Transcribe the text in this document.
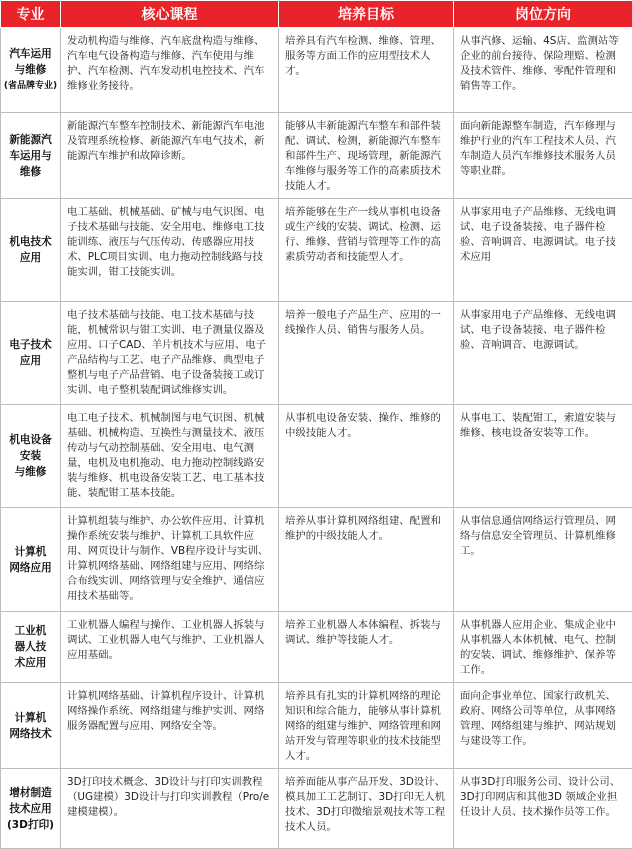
专业	核心课程	培养目标	岗位方向

汽车运用
与维修
(省品牌专业)	发动机构造与维修、汽车底盘构造与维修、汽车电气设备构造与维修、汽车使用与维护、汽车检测、汽车发动机电控技术、汽车维修业务接待。	培养具有汽车检测、维修、管理、服务等方面工作的应用型技术人才。	从事汽修、运输、4S店、监测站等企业的前台接待、保险理赔、检测及技术管件、维修、零配件管理和销售等工作。

新能源汽
车运用与
维修	新能源汽车整车控制技术、新能源汽车电池及管理系统检修、新能源汽车电气技术，新能源汽车维护和故障诊断。	能够从丰新能源汽车整车和部件装配、调试、检测，新能源汽车整车和部件生产、现场管理，新能源汽车维修与服务等工作的高素质技术技能人才。	面向新能源整车制造，汽车修理与维护行业的汽车工程技术人员、汽车制造人员汽车维修技术服务人员等职业群。

机电技术
应用	电工基础、机械基础、矿械与电气识图、电子技术基础与技能、安全用电、维修电工技能训练、液压与气压传动、传感器应用技术、PLC项目实训、电力拖动控制线路与技能实训，钳工技能实训。	培养能够在生产一线从事机电设备或生产线的安装、调试、检测、运行、维修、营销与管理等工作的高素质劳动者和技能型人才。	从事家用电子产品维修、无线电调试、电子设备装接、电子器件检验、音响调音、电源调试。电子技术应用

电子技术
应用	电子技术基础与技能、电工技术基础与技能，机械常识与钳工实训、电子测量仪器及应用、口子CAD、羊片机技术与应用、电子产品结构与工艺、电子产品维修、典型电子整机与电子产品营销、电子设备装接工或订实训、电子整机装配调试维修实训。	培养一般电子产品生产、应用的一线操作人员、销售与服务人员。	从事家用电子产品维修、无线电调试、电子设备装接、电子器件检验、音响调音、电源调试。

机电设备
安装
与维修	电工电子技术、机械制图与电气识图、机械基础、机械构造、互换性与测量技术、液压传动与气动控制基础、安全用电、电气测量，电机及电机拖动、电力拖动控制线路安装与维修、机电设备安装工艺、电工基本技能、装配钳工基本技能。	从事机电设备安装、操作、维修的中级技能人才。	从事电工、装配钳工，索道安装与维修、核电设备安装等工作。

计算机
网络应用	计算机组装与维护、办公软件应用、计算机操作系统安装与维护、计算机工具软件应用、网页设计与制作、VB程序设计与实训、计算机网络基础、网络组建与应用、网络综合布线实训、网络管理与安全维护、通信应用技术基础等。	培养从事计算机网络组建、配置和维护的中级技能人才。	从事信息通信网络运行管理员、网络与信息安全管理员、计算机维修工。

工业机
器人技
术应用	工业机器人编程与操作、工业机器人拆装与调试、工业机器人电气与维护、工业机器人应用基础。	培养工业机器人本体编程、拆装与调试、维护等技能人才。	从事机器人应用企业、集成企业中从事机器人本体机械、电气、控制的安装、调试、维修维护、保养等工作。

计算机
网络技术	计算机网络基础、计算机程序设计、计算机网络操作系统、网络组建与维护实训、网络服务器配置与应用、网络安全等。	培养具有扎实的计算机网络的理论知识和综合能力，能够从事计算机网络的组建与维护、网络管理和网站开发与管理等职业的技术技能型人才。	面向企事业单位、国家行政机关、政府、网络公司等单位，从事网络管理、网络组建与维护、网站规划与建设等工作。

增材制造
技术应用
(3D打印)	3D打印技术概念、3D设计与打印实训教程（UG建模）3D设计与打印实训教程（Pro/e建模建模）。	培养面能从事产品开发、3D设计、模具加工工艺制订、3D打印无人机技术、3D打印微缩景观技术等工程技术人员。	从事3D打印服务公司、设计公司、3D打印网店和其他3D 领域企业担任设计人员、技术操作员等工作。
